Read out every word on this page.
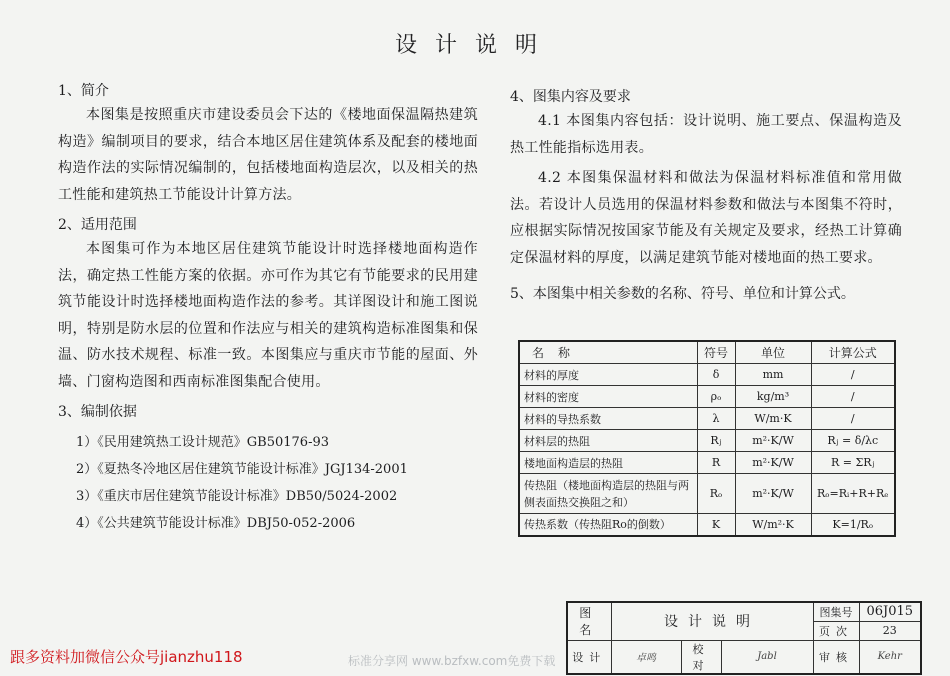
设计说明
1、简介

本图集是按照重庆市建设委员会下达的《楼地面保温隔热建筑构造》编制项目的要求，结合本地区居住建筑体系及配套的楼地面构造作法的实际情况编制的，包括楼地面构造层次，以及相关的热工性能和建筑热工节能设计计算方法。

2、适用范围

本图集可作为本地区居住建筑节能设计时选择楼地面构造作法，确定热工性能方案的依据。亦可作为其它有节能要求的民用建筑节能设计时选择楼地面构造作法的参考。其详图设计和施工图说明，特别是防水层的位置和作法应与相关的建筑构造标准图集和保温、防水技术规程、标准一致。本图集应与重庆市节能的屋面、外墙、门窗构造图和西南标准图集配合使用。

3、编制依据
1）《民用建筑热工设计规范》GB50176-93
2）《夏热冬冷地区居住建筑节能设计标准》JGJ134-2001
3）《重庆市居住建筑节能设计标准》DB50/5024-2002
4）《公共建筑节能设计标准》DBJ50-052-2006
4、图集内容及要求

4.1 本图集内容包括：设计说明、施工要点、保温构造及热工性能指标选用表。

4.2 本图集保温材料和做法为保温材料标准值和常用做法。若设计人员选用的保温材料参数和做法与本图集不符时，应根据实际情况按国家节能及有关规定及要求，经热工计算确定保温材料的厚度，以满足建筑节能对楼地面的热工要求。

5、本图集中相关参数的名称、符号、单位和计算公式。
名称	符号	单位	计算公式
材料的厚度	δ	mm	/
材料的密度	ρₒ	kg/m³	/
材料的导热系数	λ	W/m·K	/
材料层的热阻	Rⱼ	m²·K/W	Rⱼ = δ/λc
楼地面构造层的热阻	R	m²·K/W	R = ΣRⱼ
传热阻（楼地面构造层的热阻与两侧表面热交换阻之和）	Rₒ	m²·K/W	Rₒ=Rᵢ+R+Rₑ
传热系数（传热阻Ro的倒数）	K	W/m²·K	K=1/Rₒ
图名	设计说明			图集号	06J015
				页次	23
设计	卓鸣	校对	Jabl	审核	Kehr
跟多资料加微信公众号jianzhu118	标准分享网 www.bzfxw.com免费下载
